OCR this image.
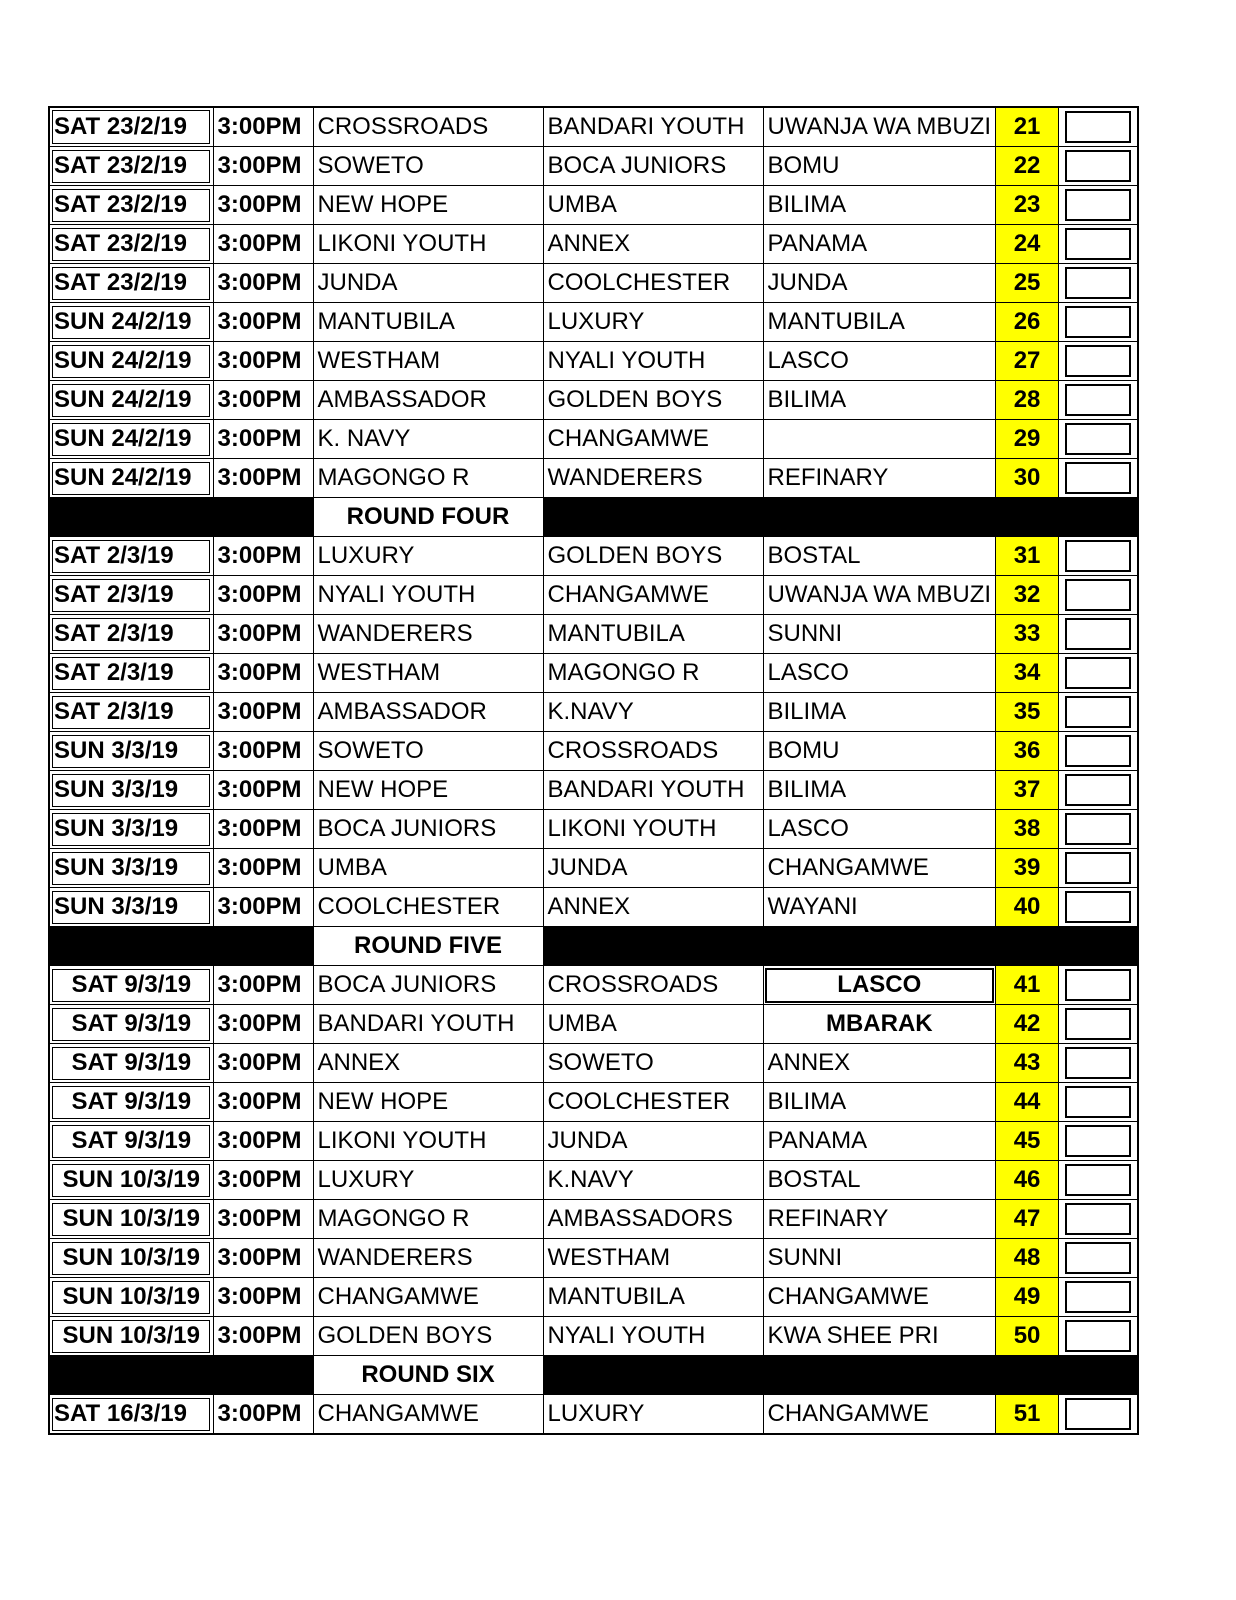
SAT 23/2/19	3:00PM	CROSSROADS	BANDARI YOUTH	UWANJA WA MBUZI	21	

SAT 23/2/19	3:00PM	SOWETO	BOCA JUNIORS	BOMU	22	

SAT 23/2/19	3:00PM	NEW HOPE	UMBA	BILIMA	23	

SAT 23/2/19	3:00PM	LIKONI YOUTH	ANNEX	PANAMA	24	

SAT 23/2/19	3:00PM	JUNDA	COOLCHESTER	JUNDA	25	

SUN 24/2/19	3:00PM	MANTUBILA	LUXURY	MANTUBILA	26	

SUN 24/2/19	3:00PM	WESTHAM	NYALI YOUTH	LASCO	27	

SUN 24/2/19	3:00PM	AMBASSADOR	GOLDEN BOYS	BILIMA	28	

SUN 24/2/19	3:00PM	K. NAVY	CHANGAMWE		29	

SUN 24/2/19	3:00PM	MAGONGO R	WANDERERS	REFINARY	30	

		ROUND FOUR				
SAT 2/3/19	3:00PM	LUXURY	GOLDEN BOYS	BOSTAL	31	

SAT 2/3/19	3:00PM	NYALI YOUTH	CHANGAMWE	UWANJA WA MBUZI	32	

SAT 2/3/19	3:00PM	WANDERERS	MANTUBILA	SUNNI	33	

SAT 2/3/19	3:00PM	WESTHAM	MAGONGO R	LASCO	34	

SAT 2/3/19	3:00PM	AMBASSADOR	K.NAVY	BILIMA	35	

SUN 3/3/19	3:00PM	SOWETO	CROSSROADS	BOMU	36	

SUN 3/3/19	3:00PM	NEW HOPE	BANDARI YOUTH	BILIMA	37	

SUN 3/3/19	3:00PM	BOCA JUNIORS	LIKONI YOUTH	LASCO	38	

SUN 3/3/19	3:00PM	UMBA	JUNDA	CHANGAMWE	39	

SUN 3/3/19	3:00PM	COOLCHESTER	ANNEX	WAYANI	40	

		ROUND FIVE				
SAT 9/3/19	3:00PM	BOCA JUNIORS	CROSSROADS	LASCO	41	

SAT 9/3/19	3:00PM	BANDARI YOUTH	UMBA	MBARAK	42	

SAT 9/3/19	3:00PM	ANNEX	SOWETO	ANNEX	43	

SAT 9/3/19	3:00PM	NEW HOPE	COOLCHESTER	BILIMA	44	

SAT 9/3/19	3:00PM	LIKONI YOUTH	JUNDA	PANAMA	45	

SUN 10/3/19	3:00PM	LUXURY	K.NAVY	BOSTAL	46	

SUN 10/3/19	3:00PM	MAGONGO R	AMBASSADORS	REFINARY	47	

SUN 10/3/19	3:00PM	WANDERERS	WESTHAM	SUNNI	48	

SUN 10/3/19	3:00PM	CHANGAMWE	MANTUBILA	CHANGAMWE	49	

SUN 10/3/19	3:00PM	GOLDEN BOYS	NYALI YOUTH	KWA SHEE PRI	50	

		ROUND SIX				
SAT 16/3/19	3:00PM	CHANGAMWE	LUXURY	CHANGAMWE	51	
